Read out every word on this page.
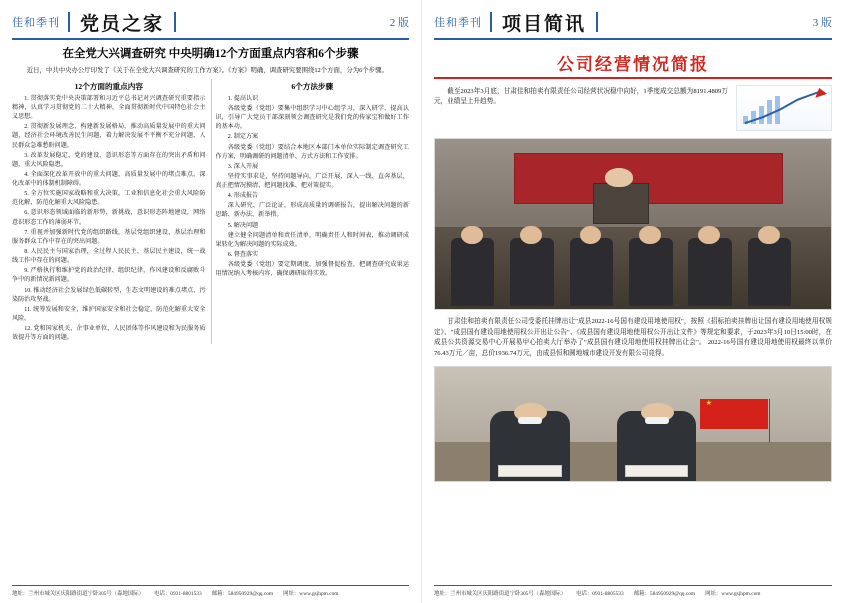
佳和季刊	党员之家	2 版
在全党大兴调查研究 中央明确12个方面重点内容和6个步骤
近日，中共中央办公厅印发了《关于在全党大兴调查研究的工作方案》。《方案》明确，调查研究要围绕12个方面，分为6个步骤。
12个方面的重点内容

1. 贯彻落实党中央决策部署和习近平总书记对兴调查研究重要指示精神，认真学习贯彻党的二十大精神，全面贯彻新时代中国特色社会主义思想。

2. 贯彻新发展理念、构建新发展格局、推动高质量发展中的重大问题，经济社会环境改善民生问题，着力解决发展不平衡不充分问题、人民群众急难愁盼问题。

3. 改革发展稳定、党的建设、意识形态等方面存在的突出矛盾和问题，重大风险隐患。

4. 全面深化改革开放中的重大问题，高质量发展中的堵点难点，深化改革中的体制机制障碍。

5. 全方位实施国家战略和重大决策，工业和信息化社会重大风险防范化解，防范化解重大风险隐患。

6. 意识形态领域面临的新形势、新挑战，意识形态阵地建设，网络意识形态工作的薄弱环节。

7. 重视并加强新时代党的组织路线，基层党组织建设，基层治理和服务群众工作中存在的突出问题。

8. 人民民主与国家治理，全过程人民民主、基层民主建设，统一战线工作中存在的问题。

9. 严格执行和维护党的政治纪律、组织纪律，作风建设和反腐败斗争中的新情况新问题。

10. 推动经济社会发展绿色低碳转型，生态文明建设的难点堵点，污染防治攻坚战。

11. 统筹发展和安全，维护国家安全和社会稳定，防范化解重大安全风险。

12. 党和国家机关、企事业单位、人民团体等作风建设和为民服务质效提升等方面的问题。

6个方法步骤

1. 提高认识

各级党委（党组）要集中组织学习中心组学习，深入研学、提高认识，引导广大党员干部深刻领会调查研究是我们党的传家宝和做好工作的基本功。

2. 制定方案

各级党委（党组）要结合本地区本部门本单位实际制定调查研究工作方案，明确调研的问题清单、方式方法和工作安排。

3. 深入开展

坚持实事求是，坚持问题导向，广泛开展、深入一线、直奔基层，真正把情况摸清、把问题找准、把对策提实。

4. 形成报告

深入研究、广泛论证，形成高质量的调研报告，提出解决问题的新思路、新办法、新举措。

5. 解决问题

建立健全问题清单和责任清单，明确责任人和时间表，推动调研成果转化为解决问题的实际成效。

6. 督查落实

各级党委（党组）要定期调度、加强督促检查，把调查研究成果运用情况纳入考核内容，确保调研取得实效。

地址：兰州市城关区庆阳路街道宁卧305号（森地国际） 电话：0931-8801533 邮箱：584950929@qq.com 网址：www.gsjhpm.com
佳和季刊	项目简讯	3 版
公司经营情况简报
截至2023年3月底，甘肃佳和拍卖有限责任公司经营状况稳中向好，1季度成交总额为8191.4809万元，业绩呈上升趋势。
甘肃佳和拍卖有限责任公司受委托挂牌出让"成县2022-16号国有建设用地使用权"，按照《招标拍卖挂牌出让国有建设用地使用权规定》、"成县国有建设用地使用权公开出让公告"、《成县国有建设用地使用权公开出让文件》等规定和要求，于2023年3月10日15:00时，在成县公共资源交易中心开展易甲心拍卖大厅举办了"成县国有建设用地使用权挂牌出让会"。 2022-16号国有建设用地使用权最终以单价76.43万元／亩，总价1936.74万元，由成县恒和圆地城市建设开发有限公司竞得。
★
地址：兰州市城关区庆阳路街道宁卧305号（森地国际） 电话：0931-8805533 邮箱：584950929@qq.com 网址：www.gsjhpm.com
